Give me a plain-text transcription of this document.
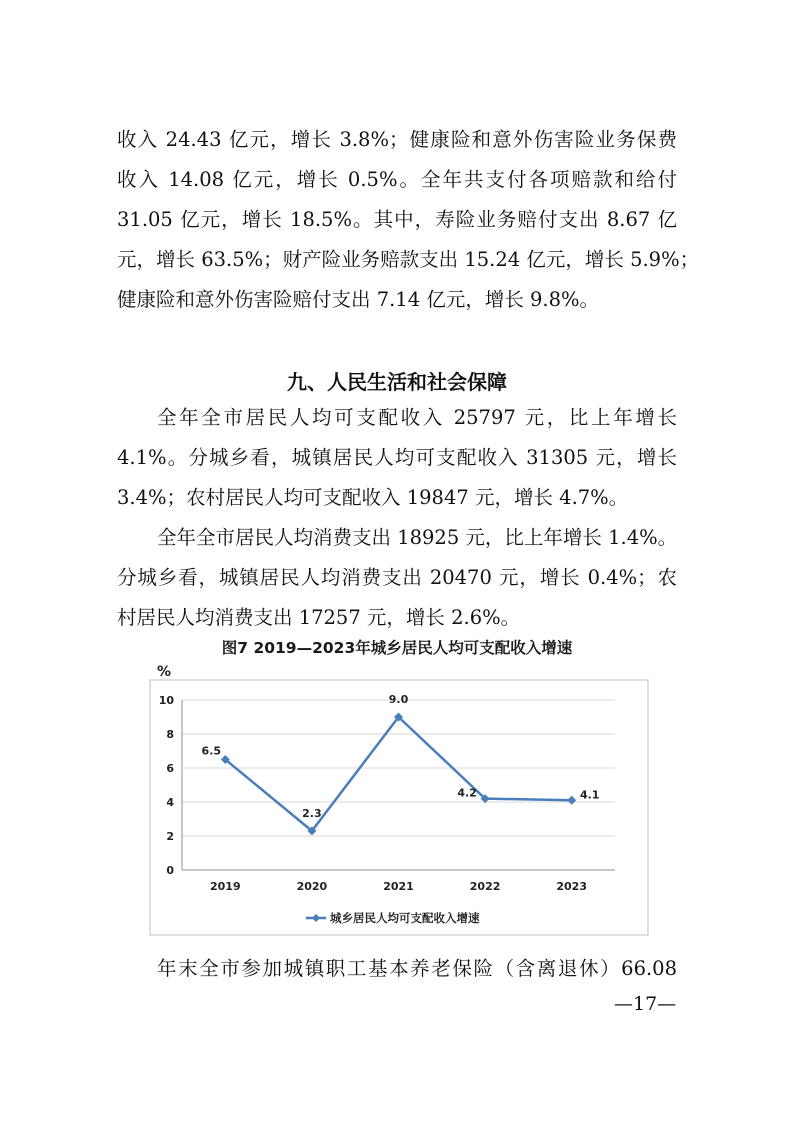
收入 24.43 亿元，增长 3.8%；健康险和意外伤害险业务保费
收入 14.08 亿元，增长 0.5%。全年共支付各项赔款和给付
31.05 亿元，增长 18.5%。其中，寿险业务赔付支出 8.67 亿
元，增长 63.5%；财产险业务赔款支出 15.24 亿元，增长 5.9%；
健康险和意外伤害险赔付支出 7.14 亿元，增长 9.8%。
九、人民生活和社会保障
全年全市居民人均可支配收入 25797 元，比上年增长
4.1%。分城乡看，城镇居民人均可支配收入 31305 元，增长
3.4%；农村居民人均可支配收入 19847 元，增长 4.7%。
全年全市居民人均消费支出 18925 元，比上年增长 1.4%。
分城乡看，城镇居民人均消费支出 20470 元，增长 0.4%；农
村居民人均消费支出 17257 元，增长 2.6%。
图7 2019—2023年城乡居民人均可支配收入增速
0
2
4
6
8
10
%
2019	2020	2021	2022	2023
6.5
2.3
9.0
4.2	4.1
城乡居民人均可支配收入增速
年末全市参加城镇职工基本养老保险（含离退休）66.08
—17—
